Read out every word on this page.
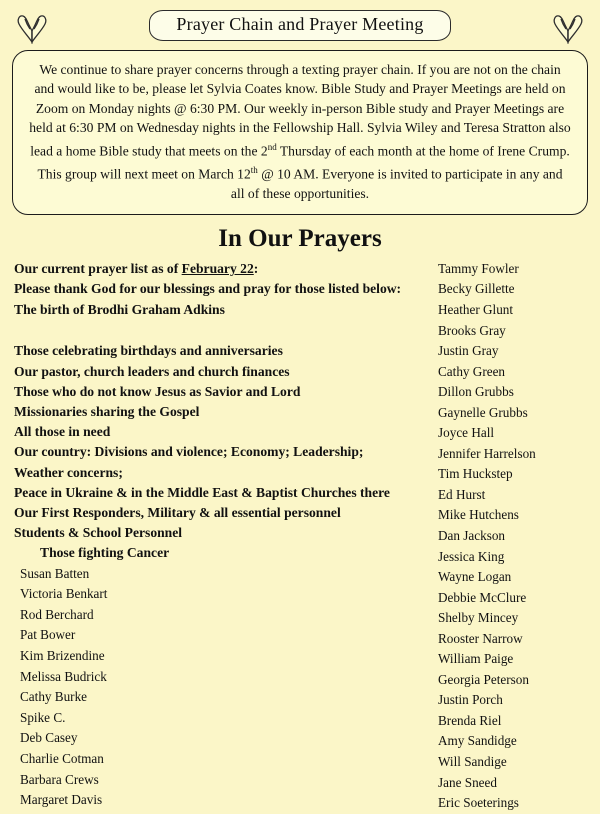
Prayer Chain and Prayer Meeting
We continue to share prayer concerns through a texting prayer chain. If you are not on the chain and would like to be, please let Sylvia Coates know. Bible Study and Prayer Meetings are held on Zoom on Monday nights @ 6:30 PM. Our weekly in-person Bible study and Prayer Meetings are held at 6:30 PM on Wednesday nights in the Fellowship Hall. Sylvia Wiley and Teresa Stratton also lead a home Bible study that meets on the 2nd Thursday of each month at the home of Irene Crump. This group will next meet on March 12th @ 10 AM. Everyone is invited to participate in any and all of these opportunities.
In Our Prayers
Our current prayer list as of February 22:
Please thank God for our blessings and pray for those listed below:
The birth of Brodhi Graham Adkins
Those celebrating birthdays and anniversaries
Our pastor, church leaders and church finances
Those who do not know Jesus as Savior and Lord
Missionaries sharing the Gospel
All those in need
Our country: Divisions and violence; Economy; Leadership;
Weather concerns;
Peace in Ukraine & in the Middle East & Baptist Churches there
Our First Responders, Military & all essential personnel
Students & School Personnel
Those fighting Cancer
Susan Batten
Victoria Benkart
Rod Berchard
Pat Bower
Kim Brizendine
Melissa Budrick
Cathy Burke
Spike C.
Deb Casey
Charlie Cotman
Barbara Crews
Margaret Davis
Tammy Fowler
Becky Gillette
Heather Glunt
Brooks Gray
Justin Gray
Cathy Green
Dillon Grubbs
Gaynelle Grubbs
Joyce Hall
Jennifer Harrelson
Tim Huckstep
Ed Hurst
Mike Hutchens
Dan Jackson
Jessica King
Wayne Logan
Debbie McClure
Shelby Mincey
Rooster Narrow
William Paige
Georgia Peterson
Justin Porch
Brenda Riel
Amy Sandidge
Will Sandige
Jane Sneed
Eric Soeterings
